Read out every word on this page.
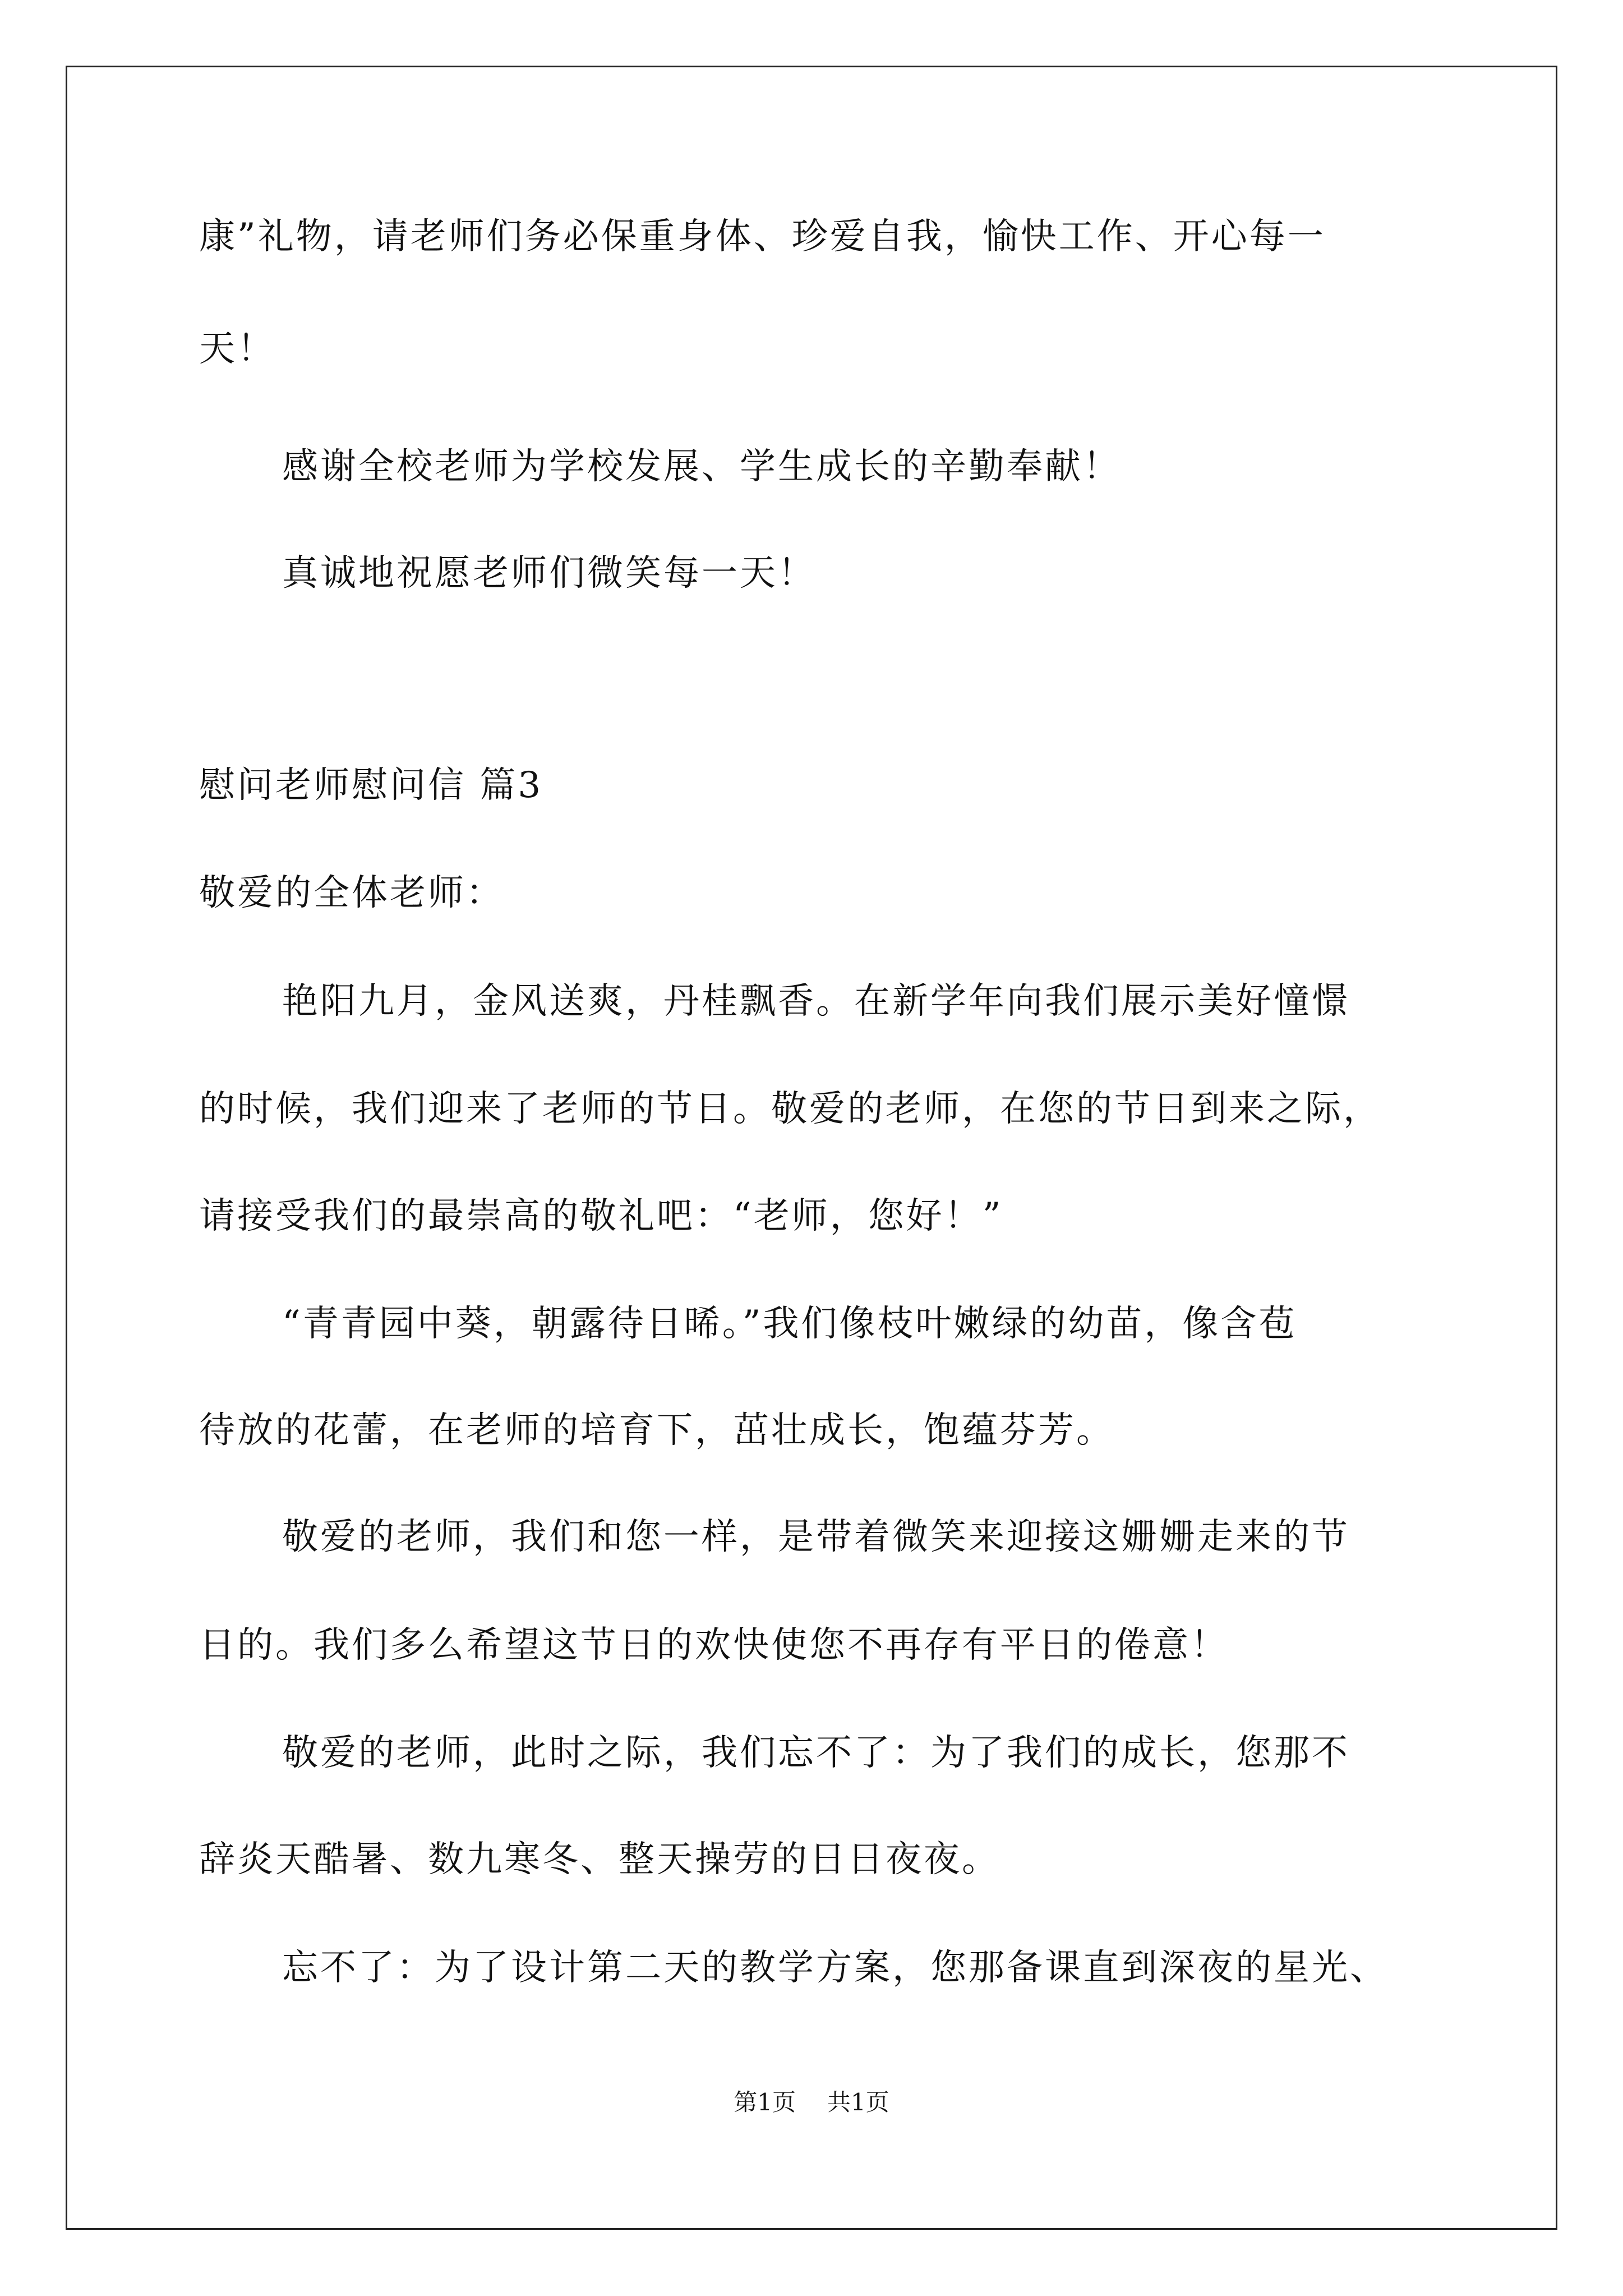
康”礼物，请老师们务必保重身体、珍爱自我，愉快工作、开心每一
天！
感谢全校老师为学校发展、学生成长的辛勤奉献！
真诚地祝愿老师们微笑每一天！
慰问老师慰问信 篇3
敬爱的全体老师：
艳阳九月，金风送爽，丹桂飘香。在新学年向我们展示美好憧憬
的时候，我们迎来了老师的节日。敬爱的老师，在您的节日到来之际，
请接受我们的最崇高的敬礼吧：“老师，您好！”
“青青园中葵，朝露待日晞。”我们像枝叶嫩绿的幼苗，像含苞
待放的花蕾，在老师的培育下，茁壮成长，饱蕴芬芳。
敬爱的老师，我们和您一样，是带着微笑来迎接这姗姗走来的节
日的。我们多么希望这节日的欢快使您不再存有平日的倦意！
敬爱的老师，此时之际，我们忘不了：为了我们的成长，您那不
辞炎天酷暑、数九寒冬、整天操劳的日日夜夜。
忘不了：为了设计第二天的教学方案，您那备课直到深夜的星光、
第1页 共1页
